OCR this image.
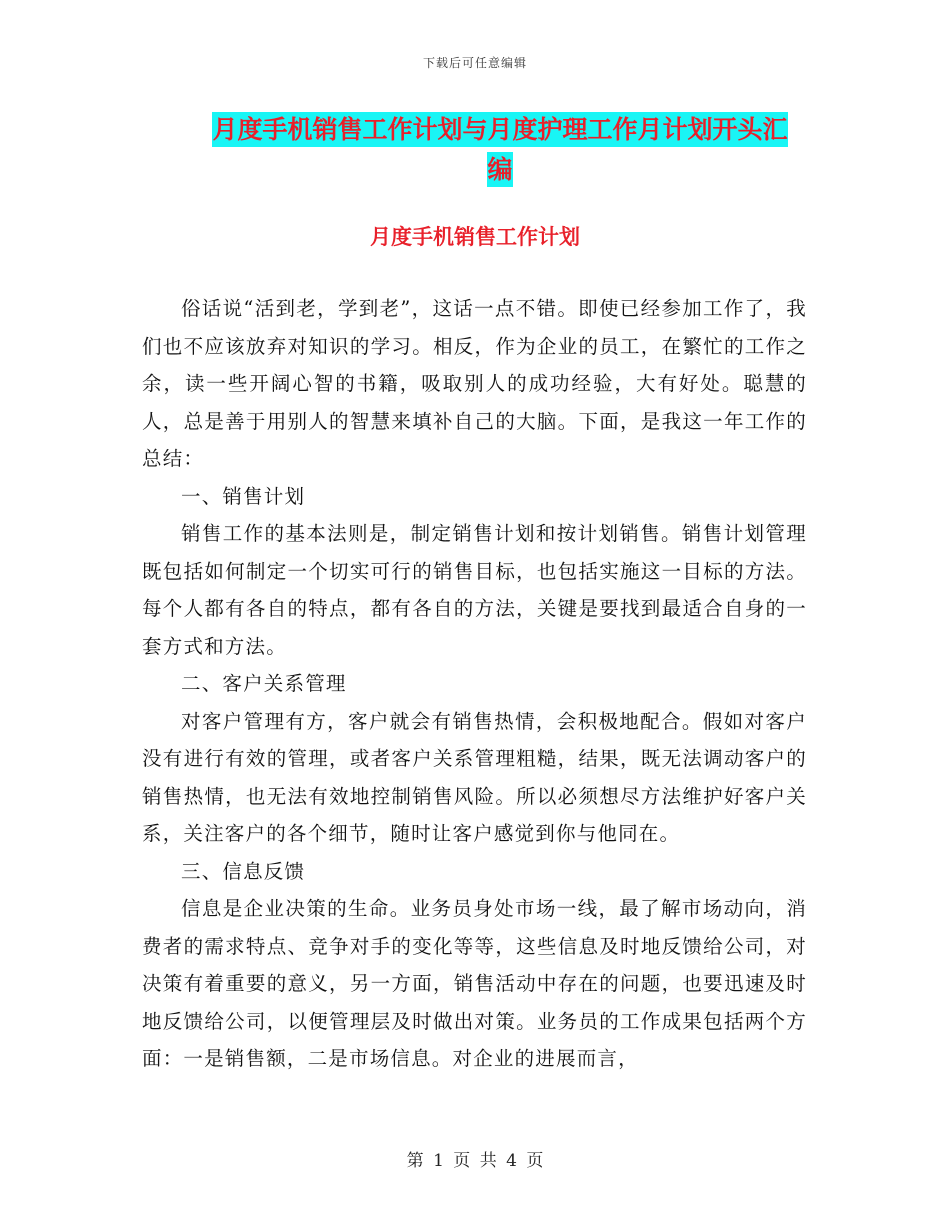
下载后可任意编辑
月度手机销售工作计划与月度护理工作月计划开头汇
编
月度手机销售工作计划

俗话说“活到老，学到老”，这话一点不错。即使已经参加工作了，我们也不应该放弃对知识的学习。相反，作为企业的员工，在繁忙的工作之余，读一些开阔心智的书籍，吸取别人的成功经验，大有好处。聪慧的人，总是善于用别人的智慧来填补自己的大脑。下面，是我这一年工作的总结：

一、销售计划

销售工作的基本法则是，制定销售计划和按计划销售。销售计划管理既包括如何制定一个切实可行的销售目标，也包括实施这一目标的方法。每个人都有各自的特点，都有各自的方法，关键是要找到最适合自身的一套方式和方法。

二、客户关系管理

对客户管理有方，客户就会有销售热情，会积极地配合。假如对客户没有进行有效的管理，或者客户关系管理粗糙，结果，既无法调动客户的销售热情，也无法有效地控制销售风险。所以必须想尽方法维护好客户关系，关注客户的各个细节，随时让客户感觉到你与他同在。

三、信息反馈

信息是企业决策的生命。业务员身处市场一线，最了解市场动向，消费者的需求特点、竞争对手的变化等等，这些信息及时地反馈给公司，对决策有着重要的意义，另一方面，销售活动中存在的问题，也要迅速及时地反馈给公司，以便管理层及时做出对策。业务员的工作成果包括两个方面：一是销售额，二是市场信息。对企业的进展而言，

第 1 页 共 4 页
